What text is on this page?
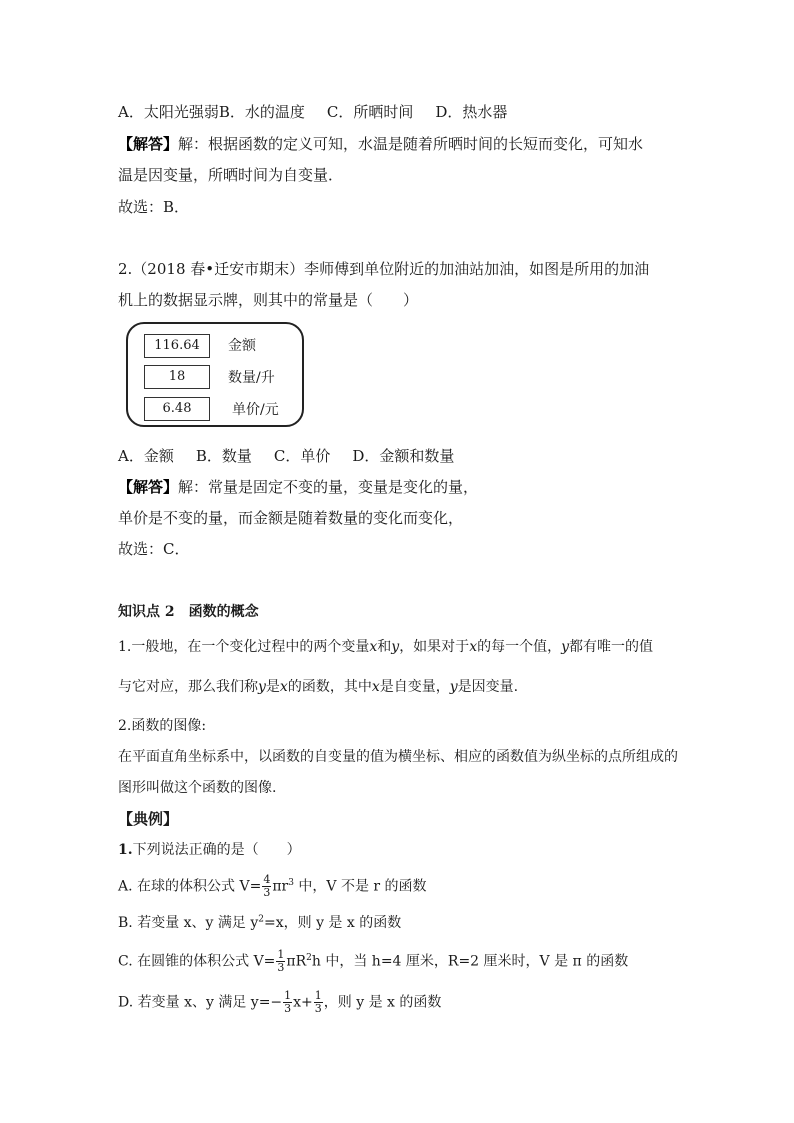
A．太阳光强弱B．水的温度 C．所晒时间 D．热水器
【解答】解：根据函数的定义可知，水温是随着所晒时间的长短而变化，可知水
温是因变量，所晒时间为自变量．
故选：B．
2.（2018 春•迁安市期末）李师傅到单位附近的加油站加油，如图是所用的加油
机上的数据显示牌，则其中的常量是（　　）
116.64	金额
18	数量/升
6.48	单价/元
A．金额 B．数量 C．单价 D．金额和数量
【解答】解：常量是固定不变的量，变量是变化的量，
单价是不变的量，而金额是随着数量的变化而变化，
故选：C．
知识点 2　函数的概念
1.一般地，在一个变化过程中的两个变量x和y，如果对于x的每一个值，y都有唯一的值
与它对应，那么我们称y是x的函数，其中x是自变量，y是因变量.
2.函数的图像:
在平面直角坐标系中，以函数的自变量的值为横坐标、相应的函数值为纵坐标的点所组成的
图形叫做这个函数的图像.
【典例】
1.下列说法正确的是（　　）
A. 在球的体积公式 $V= \frac{4}{3} \pi r^3$ 中，V 不是 r 的函数
B. 若变量 x、y 满足 $y^2=x$，则 y 是 x 的函数
C. 在圆锥的体积公式 $V= \frac{1}{3} \pi R^2h$ 中，当 h=4 厘米，R=2 厘米时，V 是 π 的函数
D. 若变量 x、y 满足 $y=- \frac{1}{3} x+ \frac{1}{3}$ ，则 y 是 x 的函数
